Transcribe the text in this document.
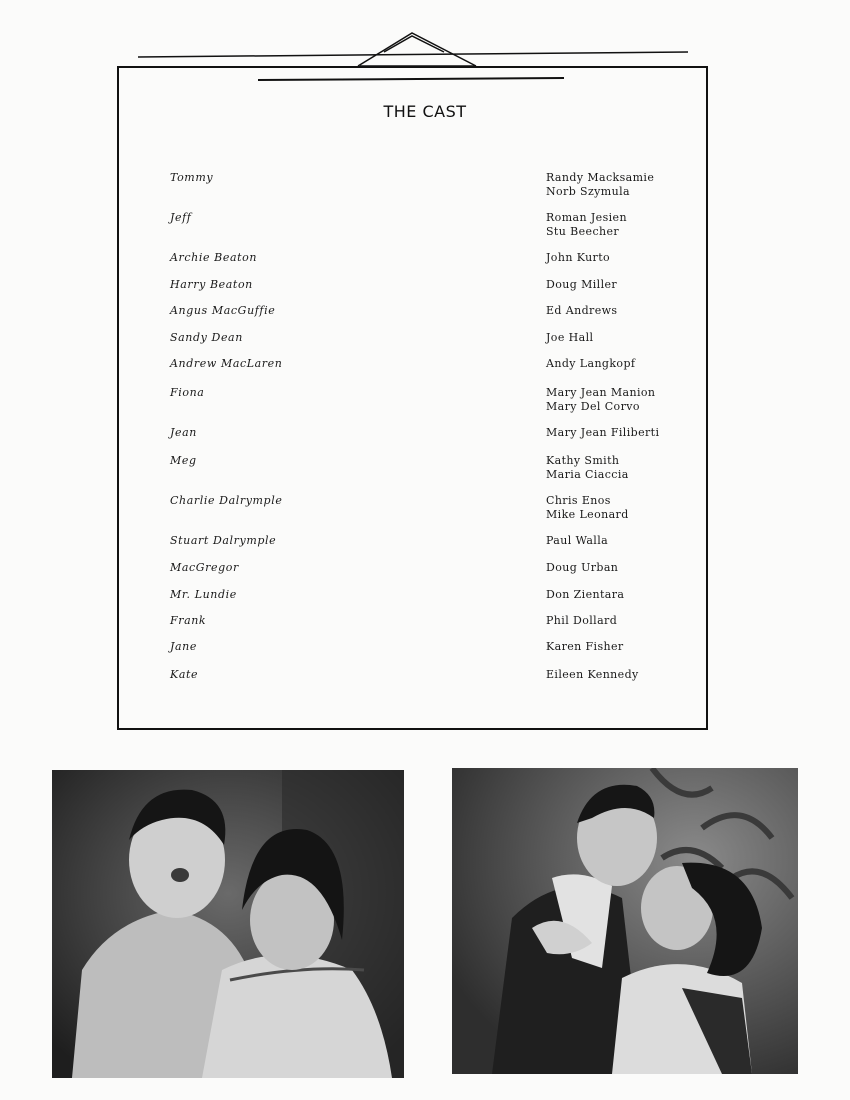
THE CAST
Tommy	Randy Macksamie
Norb Szymula
Jeff	Roman Jesien
Stu Beecher
Archie Beaton	John Kurto
Harry Beaton	Doug Miller
Angus MacGuffie	Ed Andrews
Sandy Dean	Joe Hall
Andrew MacLaren	Andy Langkopf
Fiona	Mary Jean Manion
Mary Del Corvo
Jean	Mary Jean Filiberti
Meg	Kathy Smith
Maria Ciaccia
Charlie Dalrymple	Chris Enos
Mike Leonard
Stuart Dalrymple	Paul Walla
MacGregor	Doug Urban
Mr. Lundie	Don Zientara
Frank	Phil Dollard
Jane	Karen Fisher
Kate	Eileen Kennedy
